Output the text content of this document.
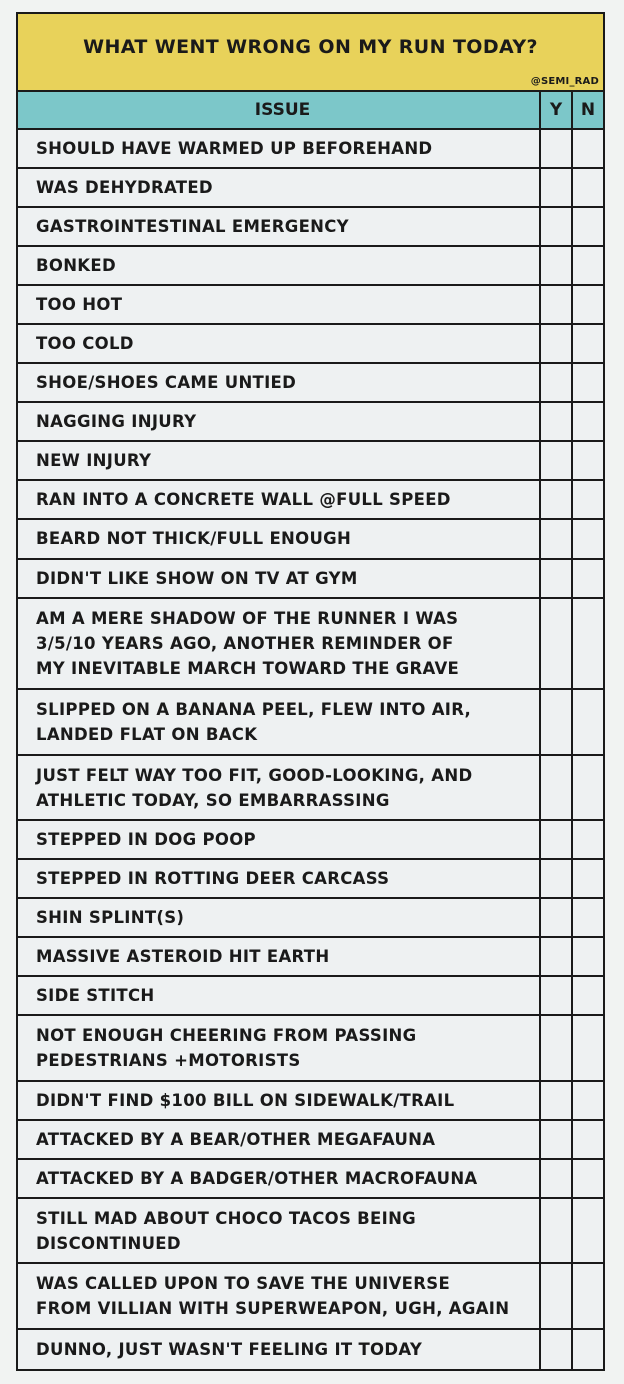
WHAT WENT WRONG ON MY RUN TODAY?
@SEMI_RAD
ISSUE	Y	N
SHOULD HAVE WARMED UP BEFOREHAND
WAS DEHYDRATED
GASTROINTESTINAL EMERGENCY
BONKED
TOO HOT
TOO COLD
SHOE/SHOES CAME UNTIED
NAGGING INJURY
NEW INJURY
RAN INTO A CONCRETE WALL @FULL SPEED
BEARD NOT THICK/FULL ENOUGH
DIDN'T LIKE SHOW ON TV AT GYM
AM A MERE SHADOW OF THE RUNNER I WAS
3/5/10 YEARS AGO, ANOTHER REMINDER OF
MY INEVITABLE MARCH TOWARD THE GRAVE
SLIPPED ON A BANANA PEEL, FLEW INTO AIR,
LANDED FLAT ON BACK
JUST FELT WAY TOO FIT, GOOD-LOOKING, AND
ATHLETIC TODAY, SO EMBARRASSING
STEPPED IN DOG POOP
STEPPED IN ROTTING DEER CARCASS
SHIN SPLINT(S)
MASSIVE ASTEROID HIT EARTH
SIDE STITCH
NOT ENOUGH CHEERING FROM PASSING
PEDESTRIANS +MOTORISTS
DIDN'T FIND $100 BILL ON SIDEWALK/TRAIL
ATTACKED BY A BEAR/OTHER MEGAFAUNA
ATTACKED BY A BADGER/OTHER MACROFAUNA
STILL MAD ABOUT CHOCO TACOS BEING
DISCONTINUED
WAS CALLED UPON TO SAVE THE UNIVERSE
FROM VILLIAN WITH SUPERWEAPON, UGH, AGAIN
DUNNO, JUST WASN'T FEELING IT TODAY
